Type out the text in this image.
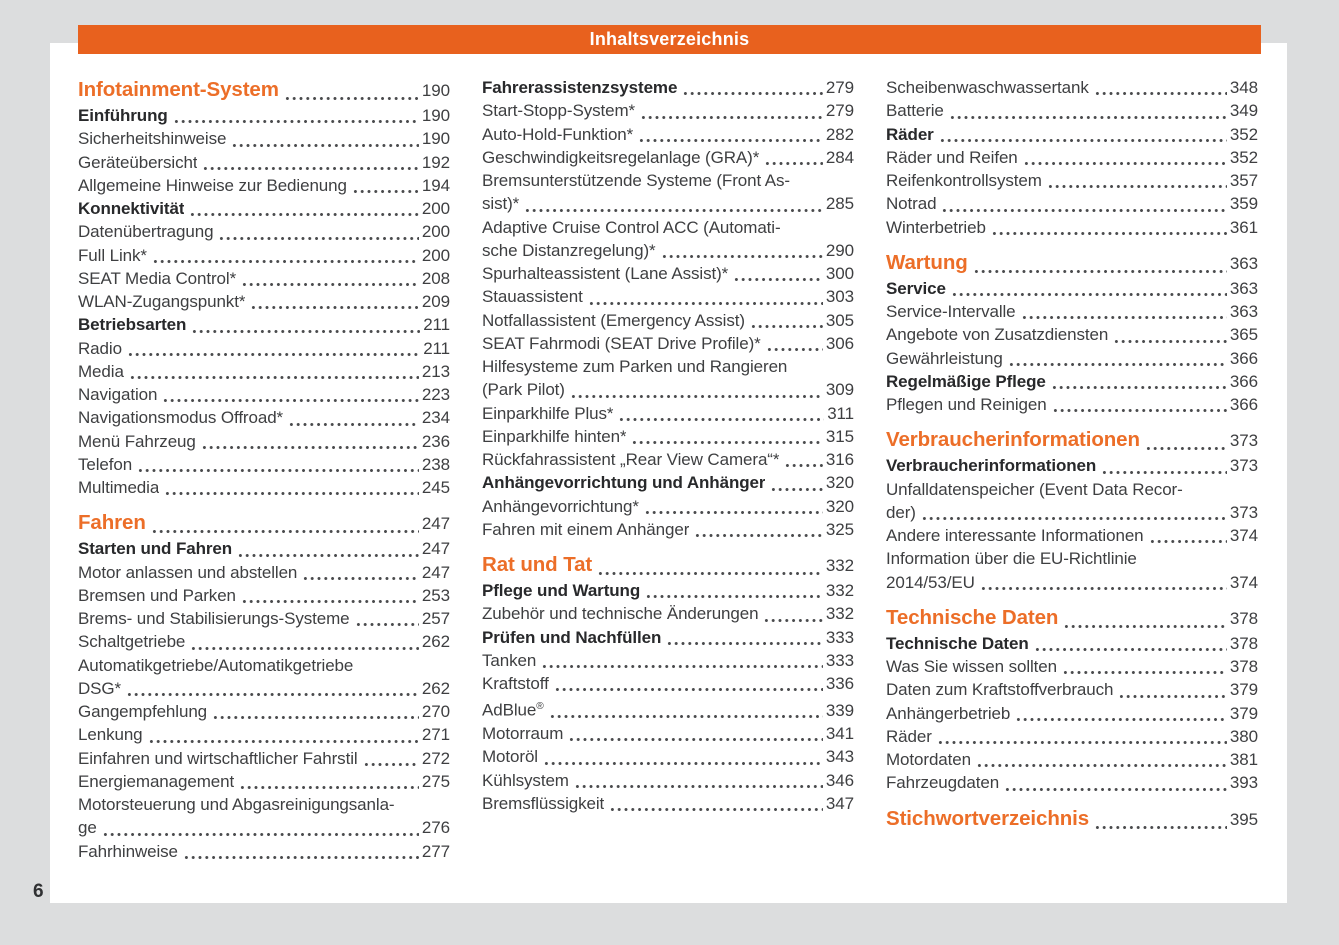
Inhaltsverzeichnis
Infotainment-System	190
Einführung	190
Sicherheitshinweise	190
Geräteübersicht	192
Allgemeine Hinweise zur Bedienung	194
Konnektivität	200
Datenübertragung	200
Full Link*	200
SEAT Media Control*	208
WLAN-Zugangspunkt*	209
Betriebsarten	211
Radio	211
Media	213
Navigation	223
Navigationsmodus Offroad*	234
Menü Fahrzeug	236
Telefon	238
Multimedia	245
Fahren	247
Starten und Fahren	247
Motor anlassen und abstellen	247
Bremsen und Parken	253
Brems- und Stabilisierungs-Systeme	257
Schaltgetriebe	262
Automatikgetriebe/Automatikgetriebe
DSG*	262
Gangempfehlung	270
Lenkung	271
Einfahren und wirtschaftlicher Fahrstil	272
Energiemanagement	275
Motorsteuerung und Abgasreinigungsanla-
ge	276
Fahrhinweise	277
Fahrerassistenzsysteme	279
Start-Stopp-System*	279
Auto-Hold-Funktion*	282
Geschwindigkeitsregelanlage (GRA)*	284
Bremsunterstützende Systeme (Front As-
sist)*	285
Adaptive Cruise Control ACC (Automati-
sche Distanzregelung)*	290
Spurhalteassistent (Lane Assist)*	300
Stauassistent	303
Notfallassistent (Emergency Assist)	305
SEAT Fahrmodi (SEAT Drive Profile)*	306
Hilfesysteme zum Parken und Rangieren
(Park Pilot)	309
Einparkhilfe Plus*	311
Einparkhilfe hinten*	315
Rückfahrassistent „Rear View Camera“*	316
Anhängevorrichtung und Anhänger	320
Anhängevorrichtung*	320
Fahren mit einem Anhänger	325
Rat und Tat	332
Pflege und Wartung	332
Zubehör und technische Änderungen	332
Prüfen und Nachfüllen	333
Tanken	333
Kraftstoff	336
AdBlue®	339
Motorraum	341
Motoröl	343
Kühlsystem	346
Bremsflüssigkeit	347
Scheibenwaschwassertank	348
Batterie	349
Räder	352
Räder und Reifen	352
Reifenkontrollsystem	357
Notrad	359
Winterbetrieb	361
Wartung	363
Service	363
Service-Intervalle	363
Angebote von Zusatzdiensten	365
Gewährleistung	366
Regelmäßige Pflege	366
Pflegen und Reinigen	366
Verbraucherinformationen	373
Verbraucherinformationen	373
Unfalldatenspeicher (Event Data Recor-
der)	373
Andere interessante Informationen	374
Information über die EU-Richtlinie
2014/53/EU	374
Technische Daten	378
Technische Daten	378
Was Sie wissen sollten	378
Daten zum Kraftstoffverbrauch	379
Anhängerbetrieb	379
Räder	380
Motordaten	381
Fahrzeugdaten	393
Stichwortverzeichnis	395
6
